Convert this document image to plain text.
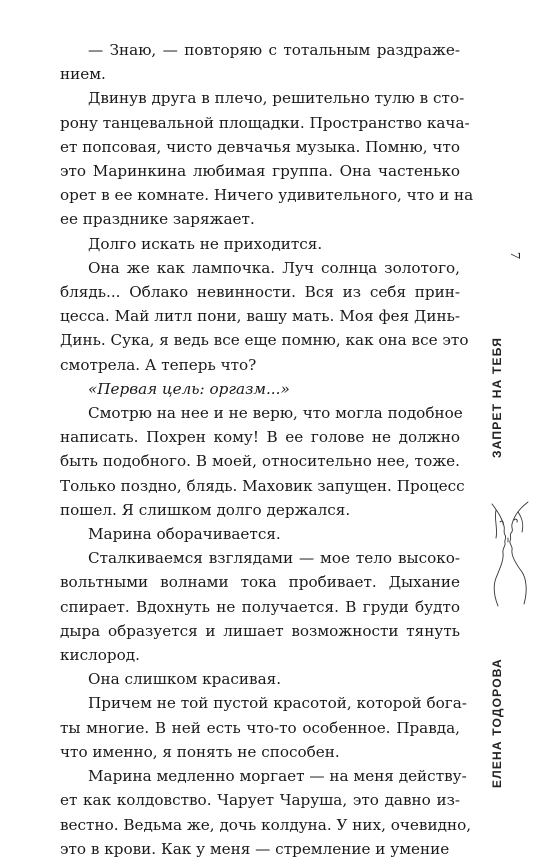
— Знаю, — повторяю с тотальным раздраже-
нием.

Двинув друга в плечо, решительно тулю в сто-
рону танцевальной площадки. Пространство кача-
ет попсовая, чисто девчачья музыка. Помню, что
это Маринкина любимая группа. Она частенько
орет в ее комнате. Ничего удивительного, что и на
ее празднике заряжает.

Долго искать не приходится.

Она же как лампочка. Луч солнца золотого,
блядь... Облако невинности. Вся из себя прин-
цесса. Май литл пони, вашу мать. Моя фея Динь-
Динь. Сука, я ведь все еще помню, как она все это
смотрела. А теперь что?

«Первая цель: оргазм...»

Смотрю на нее и не верю, что могла подобное
написать. Похрен кому! В ее голове не должно
быть подобного. В моей, относительно нее, тоже.
Только поздно, блядь. Маховик запущен. Процесс
пошел. Я слишком долго держался.

Марина оборачивается.

Сталкиваемся взглядами — мое тело высоко-
вольтными волнами тока пробивает. Дыхание
спирает. Вдохнуть не получается. В груди будто
дыра образуется и лишает возможности тянуть
кислород.

Она слишком красивая.

Причем не той пустой красотой, которой бога-
ты многие. В ней есть что-то особенное. Правда,
что именно, я понять не способен.

Марина медленно моргает — на меня действу-
ет как колдовство. Чарует Чаруша, это давно из-
вестно. Ведьма же, дочь колдуна. У них, очевидно,
это в крови. Как у меня — стремление и умение

7
ЗАПРЕТ НА ТЕБЯ
ЕЛЕНА ТОДОРОВА
